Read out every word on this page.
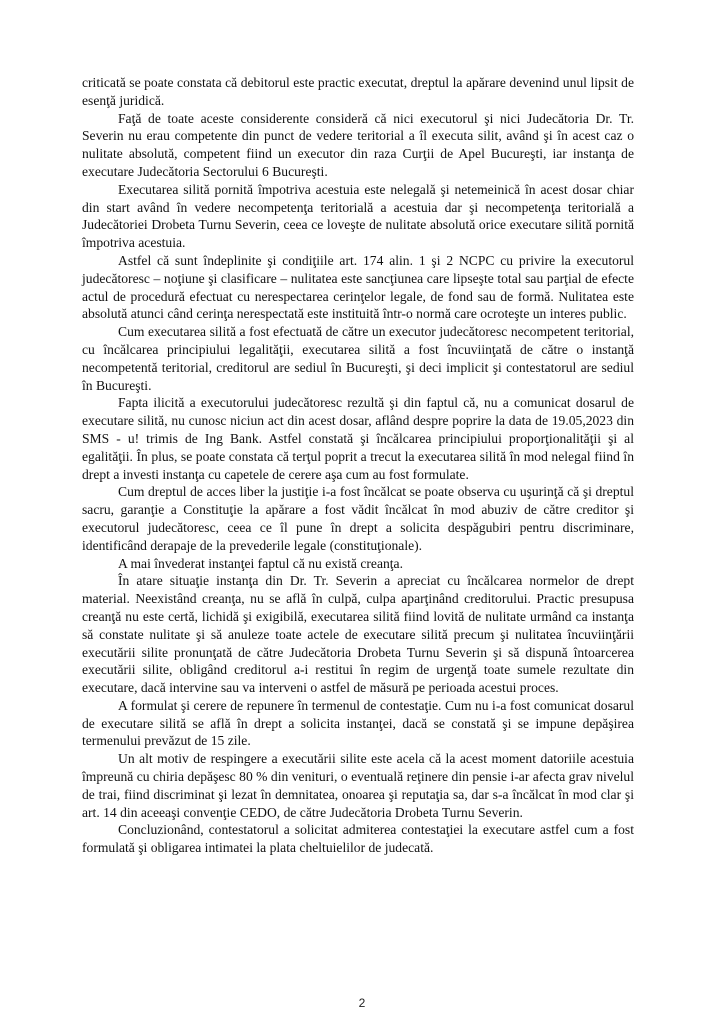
criticată se poate constata că debitorul este practic executat, dreptul la apărare devenind unul lipsit de esenţă juridică.

Faţă de toate aceste considerente consideră că nici executorul şi nici Judecătoria Dr. Tr. Severin nu erau competente din punct de vedere teritorial a îl executa silit, având şi în acest caz o nulitate absolută, competent fiind un executor din raza Curţii de Apel Bucureşti, iar instanţa de executare Judecătoria Sectorului 6 Bucureşti.

Executarea silită pornită împotriva acestuia este nelegală şi netemeinică în acest dosar chiar din start având în vedere necompetenţa teritorială a acestuia dar şi necompetenţa teritorială a Judecătoriei Drobeta Turnu Severin, ceea ce loveşte de nulitate absolută orice executare silită pornită împotriva acestuia.

Astfel că sunt îndeplinite şi condiţiile art. 174 alin. 1 şi 2 NCPC cu privire la executorul judecătoresc – noţiune şi clasificare – nulitatea este sancţiunea care lipseşte total sau parţial de efecte actul de procedură efectuat cu nerespectarea cerinţelor legale, de fond sau de formă. Nulitatea este absolută atunci când cerinţa nerespectată este instituită într-o normă care ocroteşte un interes public.

Cum executarea silită a fost efectuată de către un executor judecătoresc necompetent teritorial, cu încălcarea principiului legalităţii, executarea silită a fost încuviinţată de către o instanţă necompetentă teritorial, creditorul are sediul în Bucureşti, şi deci implicit şi contestatorul are sediul în Bucureşti.

Fapta ilicită a executorului judecătoresc rezultă şi din faptul că, nu a comunicat dosarul de executare silită, nu cunosc niciun act din acest dosar, aflând despre poprire la data de 19.05,2023 din SMS - u! trimis de Ing Bank. Astfel constată şi încălcarea principiului proporţionalităţii şi al egalităţii. În plus, se poate constata că terţul poprit a trecut la executarea silită în mod nelegal fiind în drept a investi instanţa cu capetele de cerere aşa cum au fost formulate.

Cum dreptul de acces liber la justiţie i-a fost încălcat se poate observa cu uşurinţă că şi dreptul sacru, garanţie a Constituţie la apărare a fost vădit încălcat în mod abuziv de către creditor şi executorul judecătoresc, ceea ce îl pune în drept a solicita despăgubiri pentru discriminare, identificând derapaje de la prevederile legale (constituţionale).

A mai învederat instanţei faptul că nu există creanţa.

În atare situaţie instanţa din Dr. Tr. Severin a apreciat cu încălcarea normelor de drept material. Neexistând creanţa, nu se află în culpă, culpa aparţinând creditorului. Practic presupusa creanţă nu este certă, lichidă şi exigibilă, executarea silită fiind lovită de nulitate urmând ca instanţa să constate nulitate şi să anuleze toate actele de executare silită precum şi nulitatea încuviinţării executării silite pronunţată de către Judecătoria Drobeta Turnu Severin şi să dispună întoarcerea executării silite, obligând creditorul a-i restitui în regim de urgenţă toate sumele rezultate din executare, dacă intervine sau va interveni o astfel de măsură pe perioada acestui proces.

A formulat şi cerere de repunere în termenul de contestaţie. Cum nu i-a fost comunicat dosarul de executare silită se află în drept a solicita instanţei, dacă se constată şi se impune depăşirea termenului prevăzut de 15 zile.

Un alt motiv de respingere a executării silite este acela că la acest moment datoriile acestuia împreună cu chiria depăşesc 80 % din venituri, o eventuală reţinere din pensie i-ar afecta grav nivelul de trai, fiind discriminat şi lezat în demnitatea, onoarea şi reputaţia sa, dar s-a încălcat în mod clar şi art. 14 din aceeaşi convenţie CEDO, de către Judecătoria Drobeta Turnu Severin.

Concluzionând, contestatorul a solicitat admiterea contestaţiei la executare astfel cum a fost formulată şi obligarea intimatei la plata cheltuielilor de judecată.

2
